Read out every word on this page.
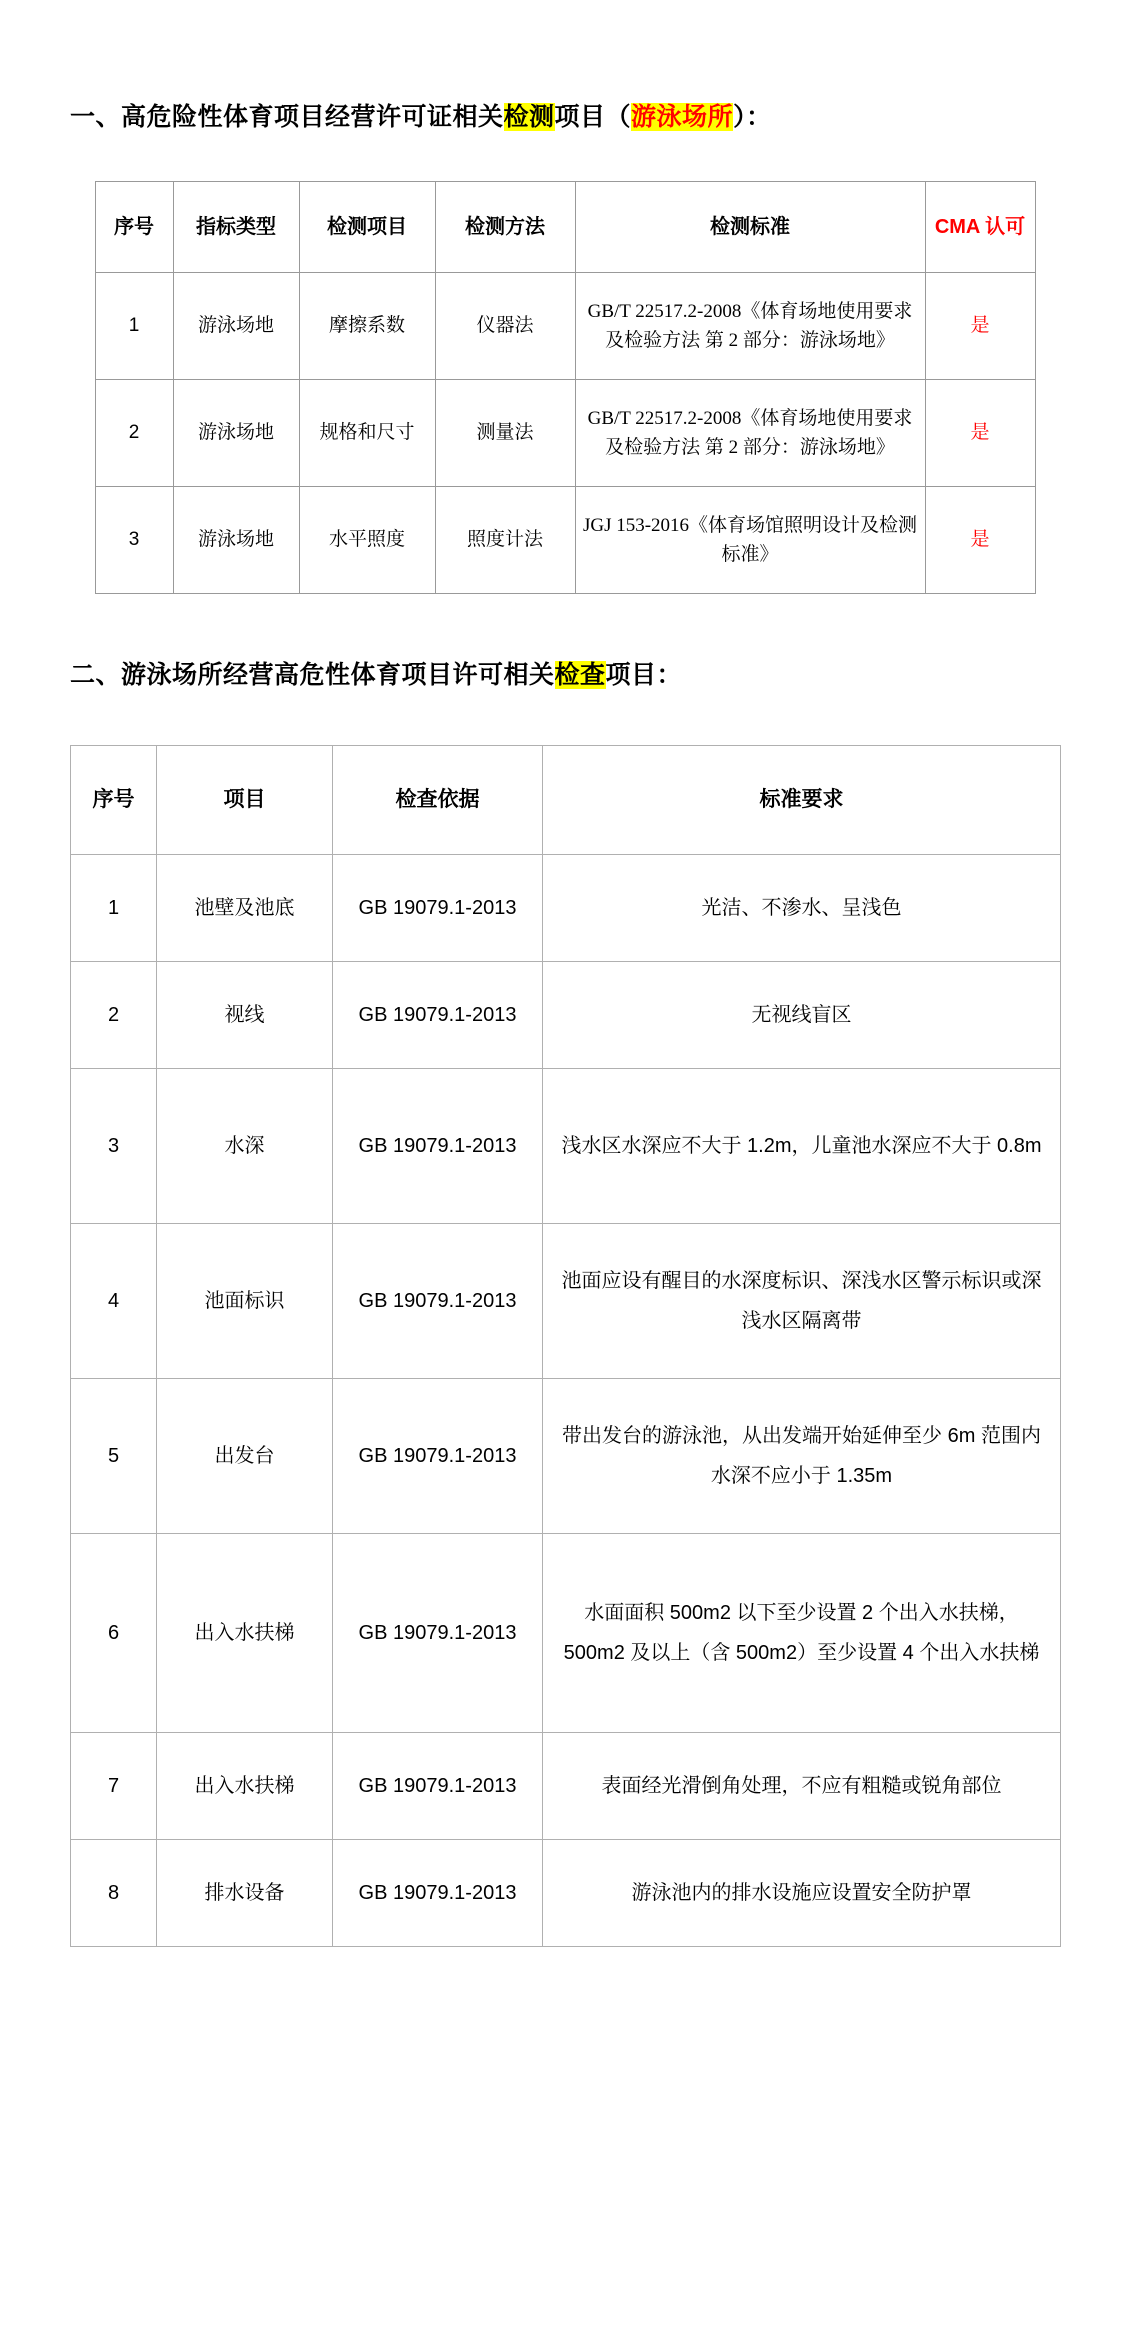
一、高危险性体育项目经营许可证相关检测项目（游泳场所）：
序号	指标类型	检测项目	检测方法	检测标准	CMA 认可
1	游泳场地	摩擦系数	仪器法	GB/T 22517.2-2008《体育场地使用要求及检验方法 第 2 部分：游泳场地》	是
2	游泳场地	规格和尺寸	测量法	GB/T 22517.2-2008《体育场地使用要求及检验方法 第 2 部分：游泳场地》	是
3	游泳场地	水平照度	照度计法	JGJ 153-2016《体育场馆照明设计及检测标准》	是
二、游泳场所经营高危性体育项目许可相关检查项目：
序号	项目	检查依据	标准要求
1	池壁及池底	GB 19079.1-2013	光洁、不渗水、呈浅色
2	视线	GB 19079.1-2013	无视线盲区
3	水深	GB 19079.1-2013	浅水区水深应不大于 1.2m，儿童池水深应不大于 0.8m
4	池面标识	GB 19079.1-2013	池面应设有醒目的水深度标识、深浅水区警示标识或深浅水区隔离带
5	出发台	GB 19079.1-2013	带出发台的游泳池，从出发端开始延伸至少 6m 范围内水深不应小于 1.35m
6	出入水扶梯	GB 19079.1-2013	水面面积 500m2 以下至少设置 2 个出入水扶梯，500m2 及以上（含 500m2）至少设置 4 个出入水扶梯
7	出入水扶梯	GB 19079.1-2013	表面经光滑倒角处理，不应有粗糙或锐角部位
8	排水设备	GB 19079.1-2013	游泳池内的排水设施应设置安全防护罩
